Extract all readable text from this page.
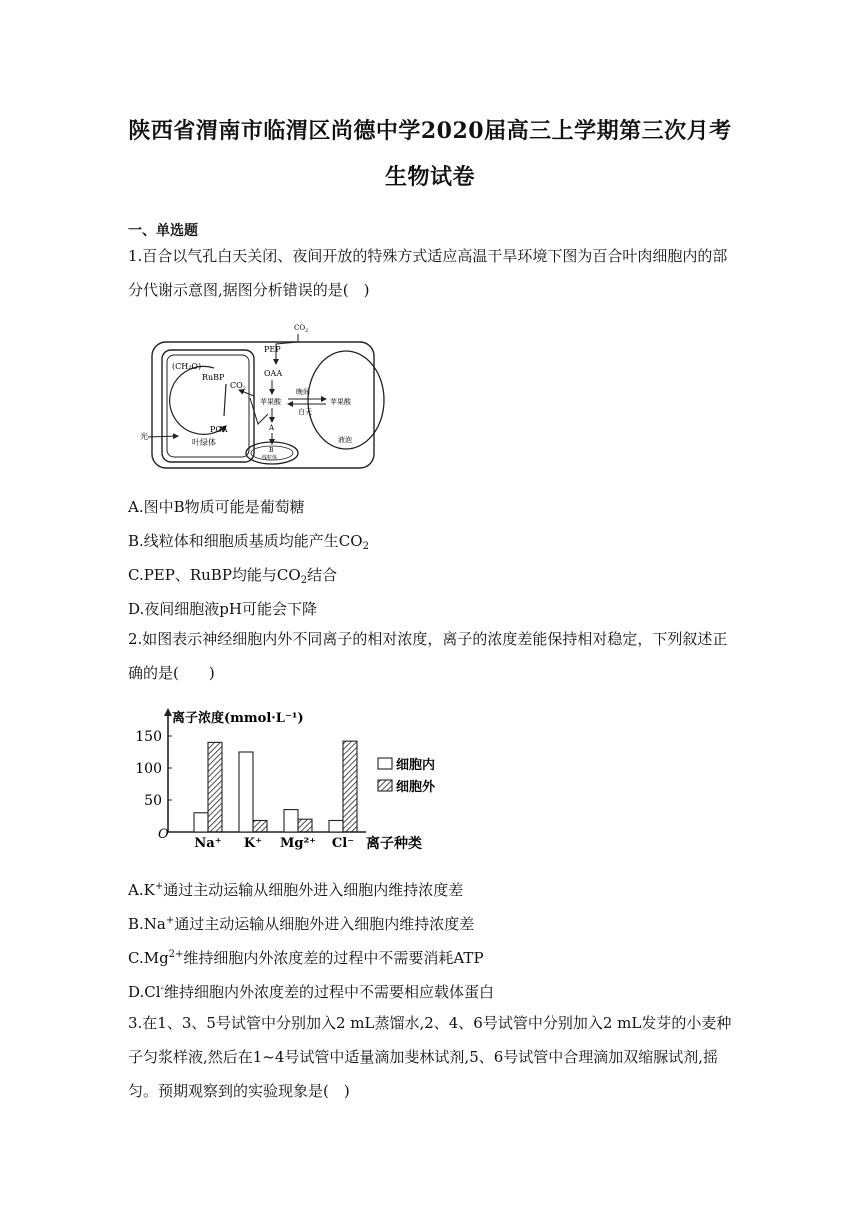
陕西省渭南市临渭区尚德中学2020届高三上学期第三次月考
生物试卷
一、单选题
1.百合以气孔白天关闭、夜间开放的特殊方式适应高温干旱环境下图为百合叶肉细胞内的部分代谢示意图,据图分析错误的是(　)
(CH₂O)
RuBP
PGA
$CO_2$
光
叶绿体
$CO_2$
PEP
OAA
苹果酸
A
B
线粒体
晚间
白天
苹果酸
液泡
A.图中B物质可能是葡萄糖
B.线粒体和细胞质基质均能产生$CO_2$
C.PEP、RuBP均能与$CO_2$结合
D.夜间细胞液pH可能会下降
2.如图表示神经细胞内外不同离子的相对浓度，离子的浓度差能保持相对稳定，下列叙述正确的是(　　)
离子浓度(mmol·L⁻¹)
O
50
100
150
Na⁺ K⁺ Mg²⁺ Cl⁻ 离子种类
细胞内
细胞外
A.K+通过主动运输从细胞外进入细胞内维持浓度差
B.Na+通过主动运输从细胞外进入细胞内维持浓度差
$C.Mg^{2+}$维持细胞内外浓度差的过程中不需要消耗ATP
D.Cl-维持细胞内外浓度差的过程中不需要相应载体蛋白
3.在1、3、5号试管中分别加入2 mL蒸馏水,2、4、6号试管中分别加入2 mL发芽的小麦种子匀浆样液,然后在1~4号试管中适量滴加斐林试剂,5、6号试管中合理滴加双缩脲试剂,摇匀。预期观察到的实验现象是(　)
